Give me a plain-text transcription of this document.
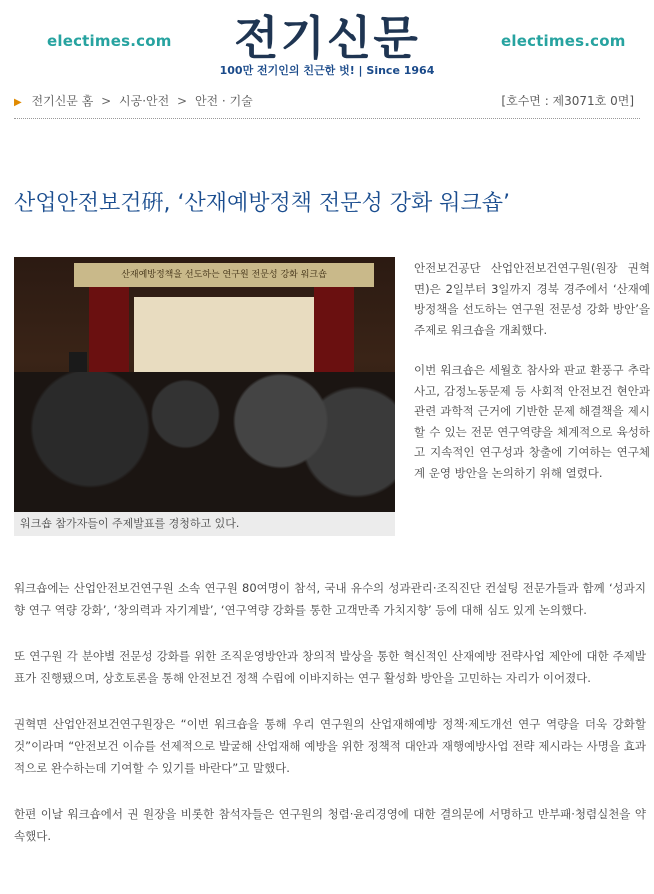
electimes.com	전기신문
100만 전기인의 친근한 벗! | Since 1964
electimes.com
▶ 전기신문 홈 > 시공·안전 > 안전 · 기술	[호수면 : 제3071호 0면]
산업안전보건硏, ‘산재예방정책 전문성 강화 워크숍’
산재예방정책을 선도하는 연구원 전문성 강화 워크숍
워크숍 참가자들이 주제발표를 경청하고 있다.

안전보건공단 산업안전보건연구원(원장 권혁면)은 2일부터 3일까지 경북 경주에서 ‘산재예방정책을 선도하는 연구원 전문성 강화 방안’을 주제로 워크숍을 개최했다.

이번 워크숍은 세월호 참사와 판교 환풍구 추락사고, 감정노동문제 등 사회적 안전보건 현안과 관련 과학적 근거에 기반한 문제 해결책을 제시할 수 있는 전문 연구역량을 체계적으로 육성하고 지속적인 연구성과 창출에 기여하는 연구체계 운영 방안을 논의하기 위해 열렸다.

워크숍에는 산업안전보건연구원 소속 연구원 80여명이 참석, 국내 유수의 성과관리·조직진단 컨설팅 전문가들과 함께 ‘성과지향 연구 역량 강화’, ‘창의력과 자기계발’, ‘연구역량 강화를 통한 고객만족 가치지향’ 등에 대해 심도 있게 논의했다.

또 연구원 각 분야별 전문성 강화를 위한 조직운영방안과 창의적 발상을 통한 혁신적인 산재예방 전략사업 제안에 대한 주제발표가 진행됐으며, 상호토론을 통해 안전보건 정책 수립에 이바지하는 연구 활성화 방안을 고민하는 자리가 이어졌다.

권혁면 산업안전보건연구원장은 “이번 워크숍을 통해 우리 연구원의 산업재해예방 정책·제도개선 연구 역량을 더욱 강화할 것”이라며 “안전보건 이슈를 선제적으로 발굴해 산업재해 예방을 위한 정책적 대안과 재행예방사업 전략 제시라는 사명을 효과적으로 완수하는데 기여할 수 있기를 바란다”고 말했다.

한편 이날 워크숍에서 권 원장을 비롯한 참석자들은 연구원의 청렴·윤리경영에 대한 결의문에 서명하고 반부패·청렴실천을 약속했다.
